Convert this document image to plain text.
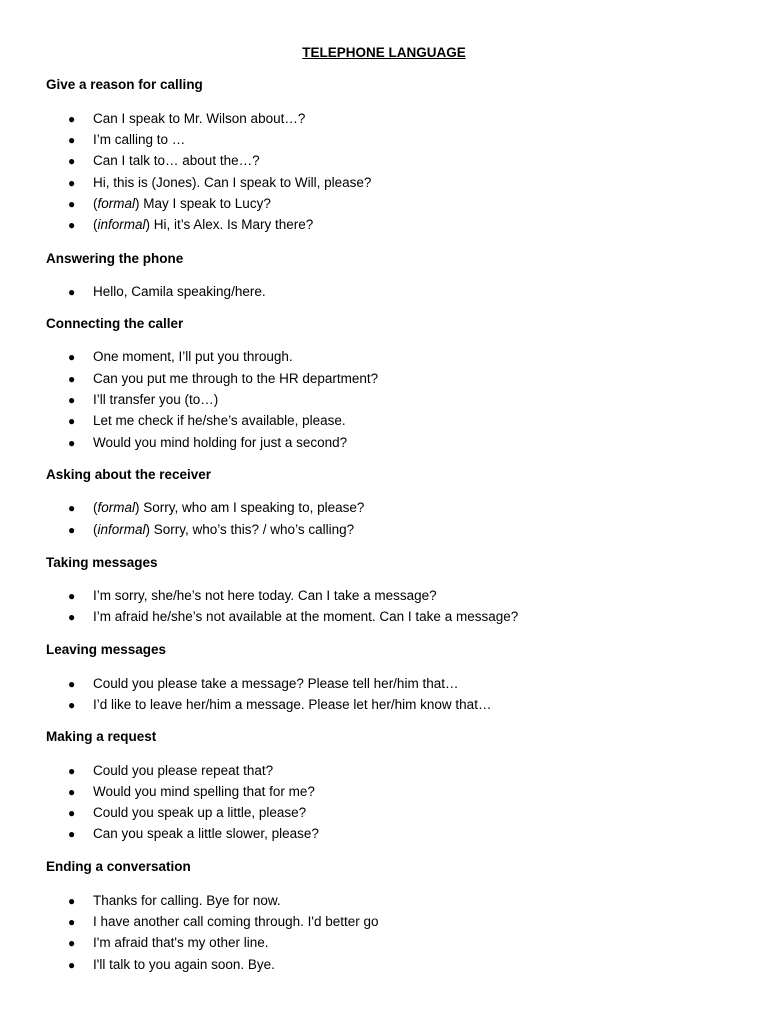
TELEPHONE LANGUAGE
Give a reason for calling
● Can I speak to Mr. Wilson about…?
● I’m calling to …
● Can I talk to… about the…?
● Hi, this is (Jones). Can I speak to Will, please?
● (formal) May I speak to Lucy?
● (informal) Hi, it’s Alex. Is Mary there?
Answering the phone
● Hello, Camila speaking/here.
Connecting the caller
● One moment, I’ll put you through.
● Can you put me through to the HR department?
● I’ll transfer you (to…)
● Let me check if he/she’s available, please.
● Would you mind holding for just a second?
Asking about the receiver
● (formal) Sorry, who am I speaking to, please?
● (informal) Sorry, who’s this? / who’s calling?
Taking messages
● I’m sorry, she/he’s not here today. Can I take a message?
● I’m afraid he/she’s not available at the moment. Can I take a message?
Leaving messages
● Could you please take a message? Please tell her/him that…
● I’d like to leave her/him a message. Please let her/him know that…
Making a request
● Could you please repeat that?
● Would you mind spelling that for me?
● Could you speak up a little, please?
● Can you speak a little slower, please?
Ending a conversation
● Thanks for calling. Bye for now.
● I have another call coming through. I'd better go
● I'm afraid that's my other line.
● I'll talk to you again soon. Bye.
